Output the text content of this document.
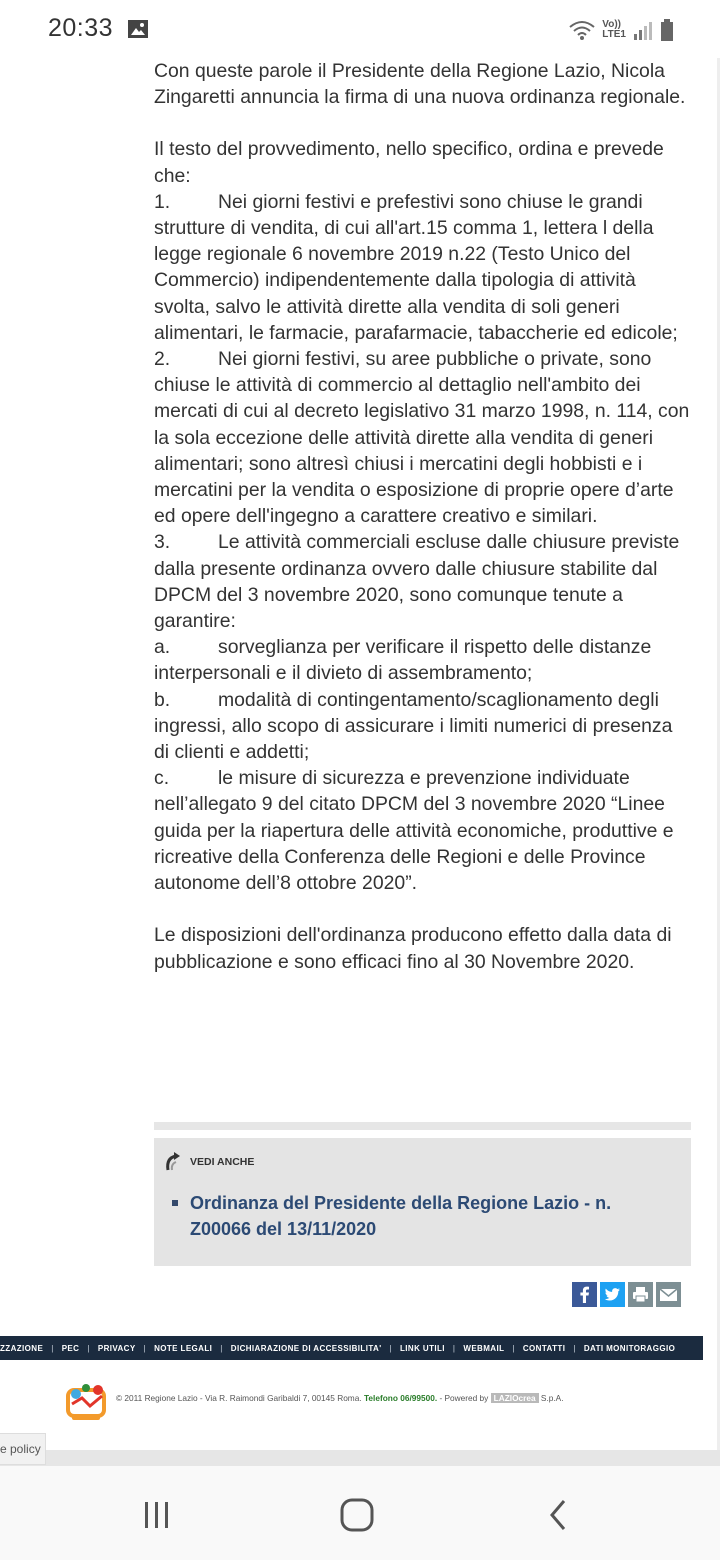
20:33	Vo))
LTE1

Con queste parole il Presidente della Regione Lazio, Nicola Zingaretti annuncia la firma di una nuova ordinanza regionale.

Il testo del provvedimento, nello specifico, ordina e prevede che:

1. Nei giorni festivi e prefestivi sono chiuse le grandi strutture di vendita, di cui all'art.15 comma 1, lettera l della legge regionale 6 novembre 2019 n.22 (Testo Unico del Commercio) indipendentemente dalla tipologia di attività svolta, salvo le attività dirette alla vendita di soli generi alimentari, le farmacie, parafarmacie, tabaccherie ed edicole;
2. Nei giorni festivi, su aree pubbliche o private, sono chiuse le attività di commercio al dettaglio nell'ambito dei mercati di cui al decreto legislativo 31 marzo 1998, n. 114, con la sola eccezione delle attività dirette alla vendita di generi alimentari; sono altresì chiusi i mercatini degli hobbisti e i mercatini per la vendita o esposizione di proprie opere d’arte ed opere dell'ingegno a carattere creativo e similari.
3. Le attività commerciali escluse dalle chiusure previste dalla presente ordinanza ovvero dalle chiusure stabilite dal DPCM del 3 novembre 2020, sono comunque tenute a garantire:
a. sorveglianza per verificare il rispetto delle distanze interpersonali e il divieto di assembramento;
b. modalità di contingentamento/scaglionamento degli ingressi, allo scopo di assicurare i limiti numerici di presenza di clienti e addetti;
c.	le misure di sicurezza e prevenzione individuate nell’allegato 9 del citato DPCM del 3 novembre 2020 “Linee guida per la riapertura delle attività economiche, produttive e ricreative della Conferenza delle Regioni e delle Province autonome dell’8 ottobre 2020”.

Le disposizioni dell'ordinanza producono effetto dalla data di pubblicazione e sono efficaci fino al 30 Novembre 2020.

VEDI ANCHE
Ordinanza del Presidente della Regione Lazio - n. Z00066 del 13/11/2020
ZZAZIONE | PEC | PRIVACY | NOTE LEGALI | DICHIARAZIONE DI ACCESSIBILITA' | LINK UTILI | WEBMAIL | CONTATTI | DATI MONITORAGGIO
© 2011 Regione Lazio - Via R. Raimondi Garibaldi 7, 00145 Roma. Telefono 06/99500. - Powered by LAZIOcrea S.p.A.
e policy
